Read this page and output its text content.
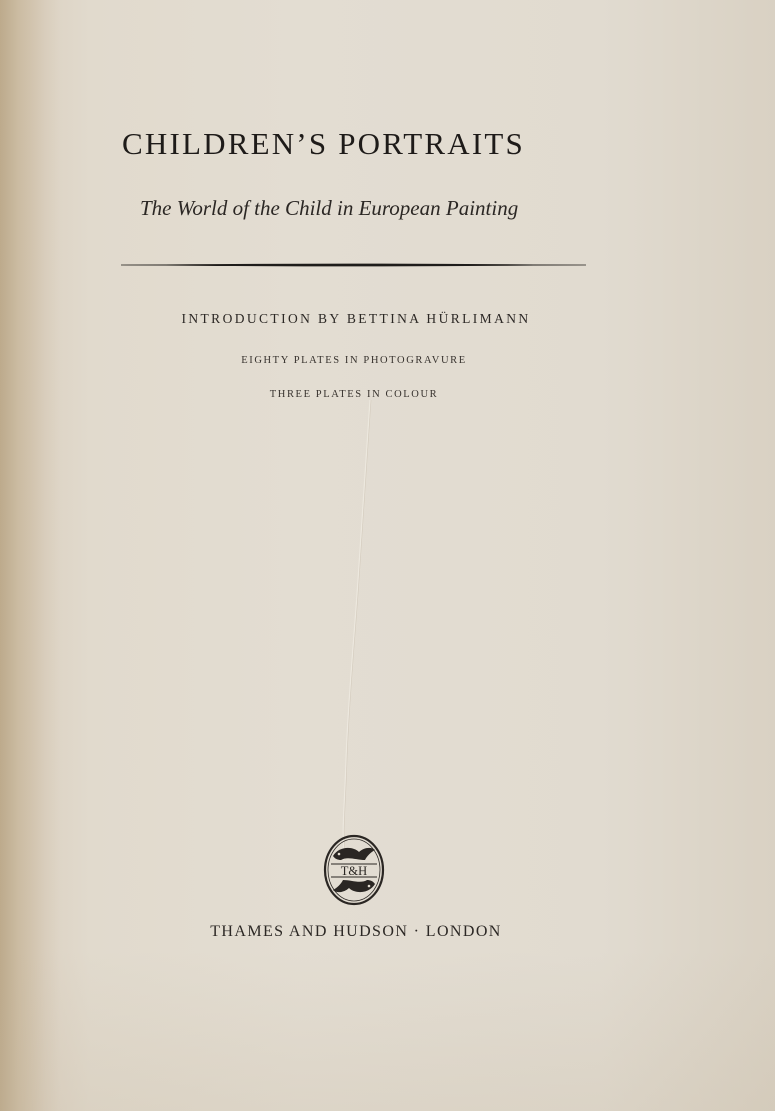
CHILDREN’S PORTRAITS
The World of the Child in European Painting
INTRODUCTION BY BETTINA HÜRLIMANN
EIGHTY PLATES IN PHOTOGRAVURE
THREE PLATES IN COLOUR
T&H
THAMES AND HUDSON · LONDON
